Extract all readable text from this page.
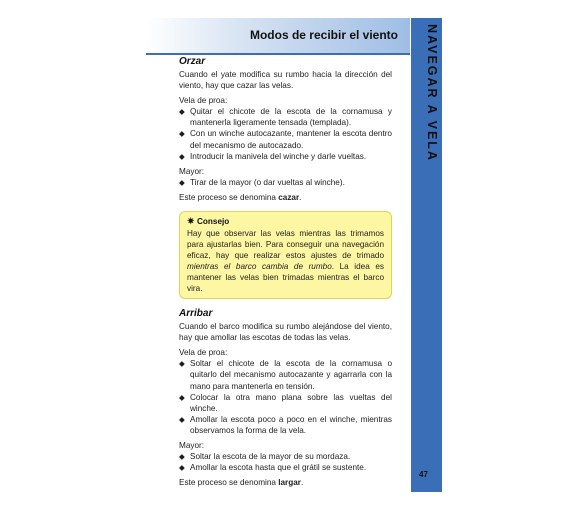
Modos de recibir el viento	NAVEGAR A VELA
47

Orzar

Cuando el yate modifica su rumbo hacia la dirección del viento, hay que cazar las velas.

Vela de proa:

◆ Quitar el chicote de la escota de la cornamusa y mantenerla ligeramente tensada (templada).
◆ Con un winche autocazante, mantener la escota dentro del mecanismo de autocazado.
◆ Introducir la manivela del winche y darle vueltas.

Mayor:

◆ Tirar de la mayor (o dar vueltas al winche).

Este proceso se denomina cazar.

✷ Consejo

Hay que observar las velas mientras las trimamos para ajustarlas bien. Para conseguir una navegación eficaz, hay que realizar estos ajustes de trimado mientras el barco cambia de rumbo. La idea es mantener las velas bien trimadas mientras el barco vira.

Arribar

Cuando el barco modifica su rumbo alejándose del viento, hay que amollar las escotas de todas las velas.

Vela de proa:

◆ Soltar el chicote de la escota de la cornamusa o quitarlo del mecanismo autocazante y agarrarla con la mano para mantenerla en tensión.
◆ Colocar la otra mano plana sobre las vueltas del winche.
◆ Amollar la escota poco a poco en el winche, mientras observamos la forma de la vela.

Mayor:

◆ Soltar la escota de la mayor de su mordaza.
◆ Amollar la escota hasta que el grátil se sustente.

Este proceso se denomina largar.
